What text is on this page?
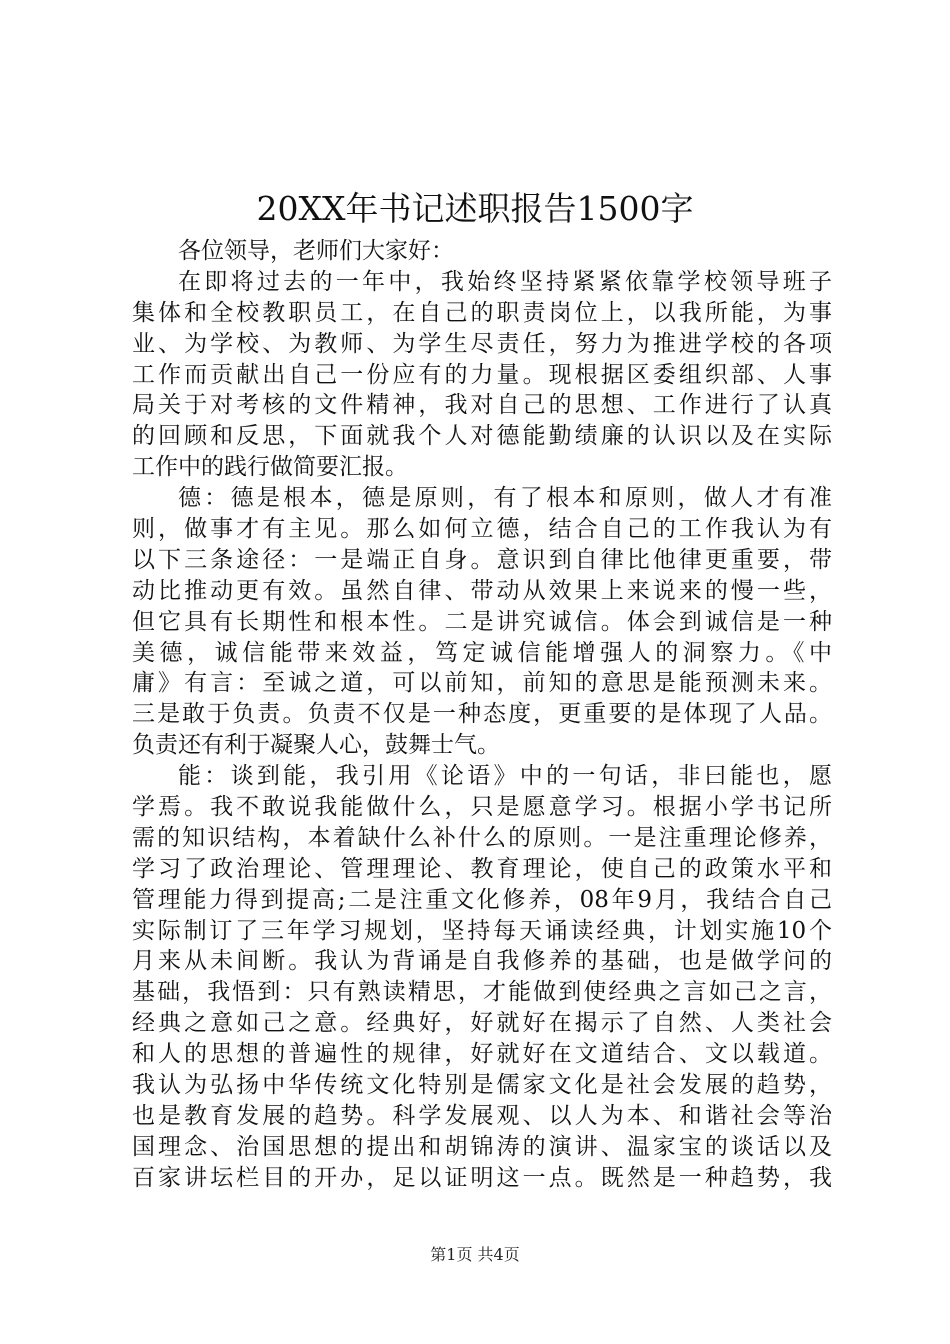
20XX年书记述职报告1500字
各位领导，老师们大家好：
在即将过去的一年中，我始终坚持紧紧依靠学校领导班子
集体和全校教职员工，在自己的职责岗位上，以我所能，为事
业、为学校、为教师、为学生尽责任，努力为推进学校的各项
工作而贡献出自己一份应有的力量。现根据区委组织部、人事
局关于对考核的文件精神，我对自己的思想、工作进行了认真
的回顾和反思，下面就我个人对德能勤绩廉的认识以及在实际
工作中的践行做简要汇报。
德：德是根本，德是原则，有了根本和原则，做人才有准
则，做事才有主见。那么如何立德，结合自己的工作我认为有
以下三条途径：一是端正自身。意识到自律比他律更重要，带
动比推动更有效。虽然自律、带动从效果上来说来的慢一些，
但它具有长期性和根本性。二是讲究诚信。体会到诚信是一种
美德，诚信能带来效益，笃定诚信能增强人的洞察力。《中
庸》有言：至诚之道，可以前知，前知的意思是能预测未来。
三是敢于负责。负责不仅是一种态度，更重要的是体现了人品。
负责还有利于凝聚人心，鼓舞士气。
能：谈到能，我引用《论语》中的一句话，非曰能也，愿
学焉。我不敢说我能做什么，只是愿意学习。根据小学书记所
需的知识结构，本着缺什么补什么的原则。一是注重理论修养，
学习了政治理论、管理理论、教育理论，使自己的政策水平和
管理能力得到提高;二是注重文化修养，08年9月，我结合自己
实际制订了三年学习规划，坚持每天诵读经典，计划实施10个
月来从未间断。我认为背诵是自我修养的基础，也是做学问的
基础，我悟到：只有熟读精思，才能做到使经典之言如己之言，
经典之意如己之意。经典好，好就好在揭示了自然、人类社会
和人的思想的普遍性的规律，好就好在文道结合、文以载道。
我认为弘扬中华传统文化特别是儒家文化是社会发展的趋势，
也是教育发展的趋势。科学发展观、以人为本、和谐社会等治
国理念、治国思想的提出和胡锦涛的演讲、温家宝的谈话以及
百家讲坛栏目的开办，足以证明这一点。既然是一种趋势，我
第1页 共4页
